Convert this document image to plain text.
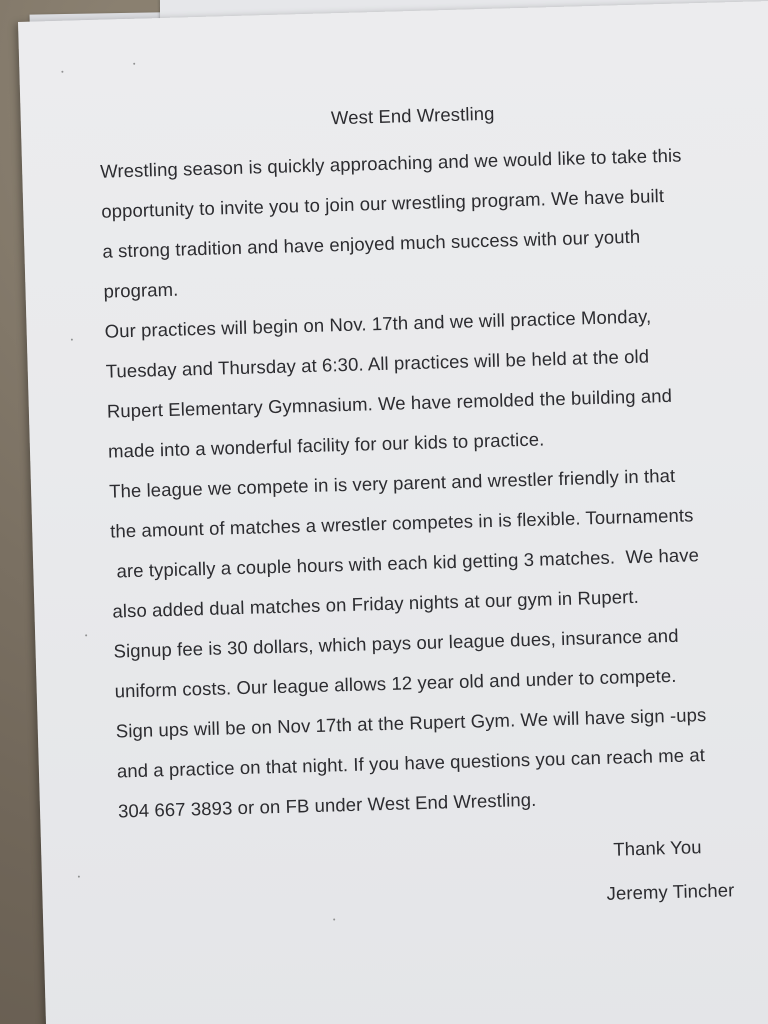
West End Wrestling
Wrestling season is quickly approaching and we would like to take this
opportunity to invite you to join our wrestling program. We have built
a strong tradition and have enjoyed much success with our youth
program.
Our practices will begin on Nov. 17th and we will practice Monday,
Tuesday and Thursday at 6:30. All practices will be held at the old
Rupert Elementary Gymnasium. We have remolded the building and
made into a wonderful facility for our kids to practice.
The league we compete in is very parent and wrestler friendly in that
the amount of matches a wrestler competes in is flexible. Tournaments
are typically a couple hours with each kid getting 3 matches.  We have
also added dual matches on Friday nights at our gym in Rupert.
Signup fee is 30 dollars, which pays our league dues, insurance and
uniform costs. Our league allows 12 year old and under to compete.
Sign ups will be on Nov 17th at the Rupert Gym. We will have sign -ups
and a practice on that night. If you have questions you can reach me at
304 667 3893 or on FB under West End Wrestling.
Thank You
Jeremy Tincher
